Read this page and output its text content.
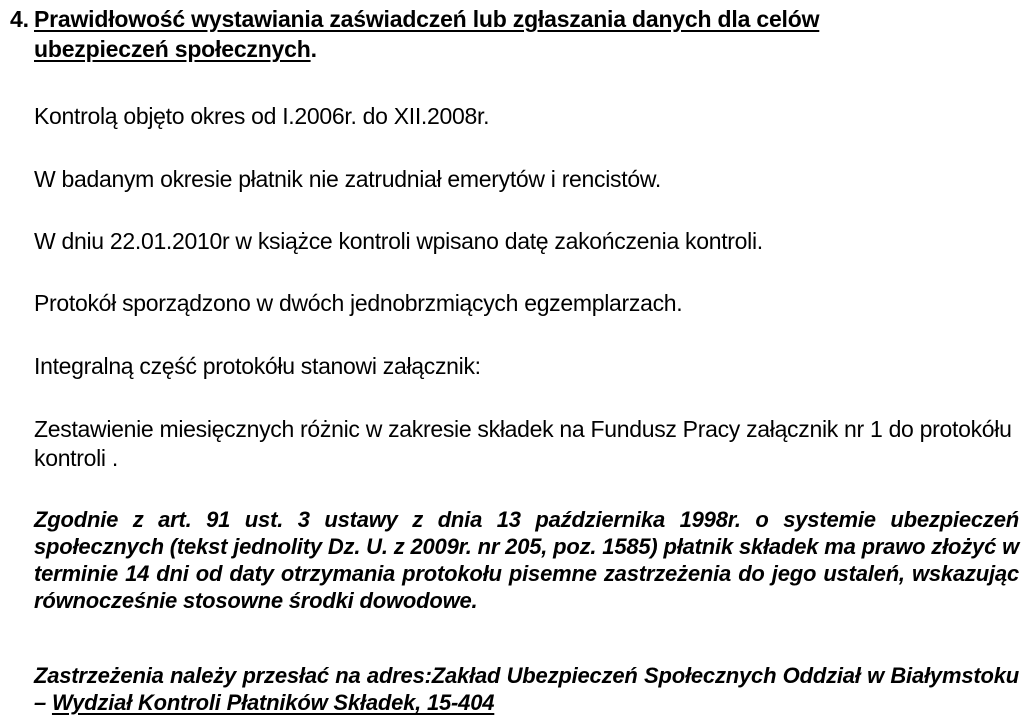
4. Prawidłowość wystawiania zaświadczeń lub zgłaszania danych dla celów
ubezpieczeń społecznych.
Kontrolą objęto okres od I.2006r. do XII.2008r.
W badanym okresie płatnik nie zatrudniał emerytów i rencistów.
W dniu 22.01.2010r w książce kontroli wpisano datę zakończenia kontroli.
Protokół sporządzono w dwóch jednobrzmiących egzemplarzach.
Integralną część protokółu stanowi załącznik:
Zestawienie miesięcznych różnic w zakresie składek na Fundusz Pracy załącznik nr 1 do protokółu kontroli .
Zgodnie z art. 91 ust. 3 ustawy z dnia 13 października 1998r. o systemie ubezpieczeń społecznych (tekst jednolity Dz. U. z 2009r. nr 205, poz. 1585) płatnik składek ma prawo złożyć w terminie 14 dni od daty otrzymania protokołu pisemne zastrzeżenia do jego ustaleń, wskazując równocześnie stosowne środki dowodowe.
Zastrzeżenia należy przesłać na adres:Zakład Ubezpieczeń Społecznych Oddział w Białymstoku – Wydział Kontroli Płatników Składek, 15-404
